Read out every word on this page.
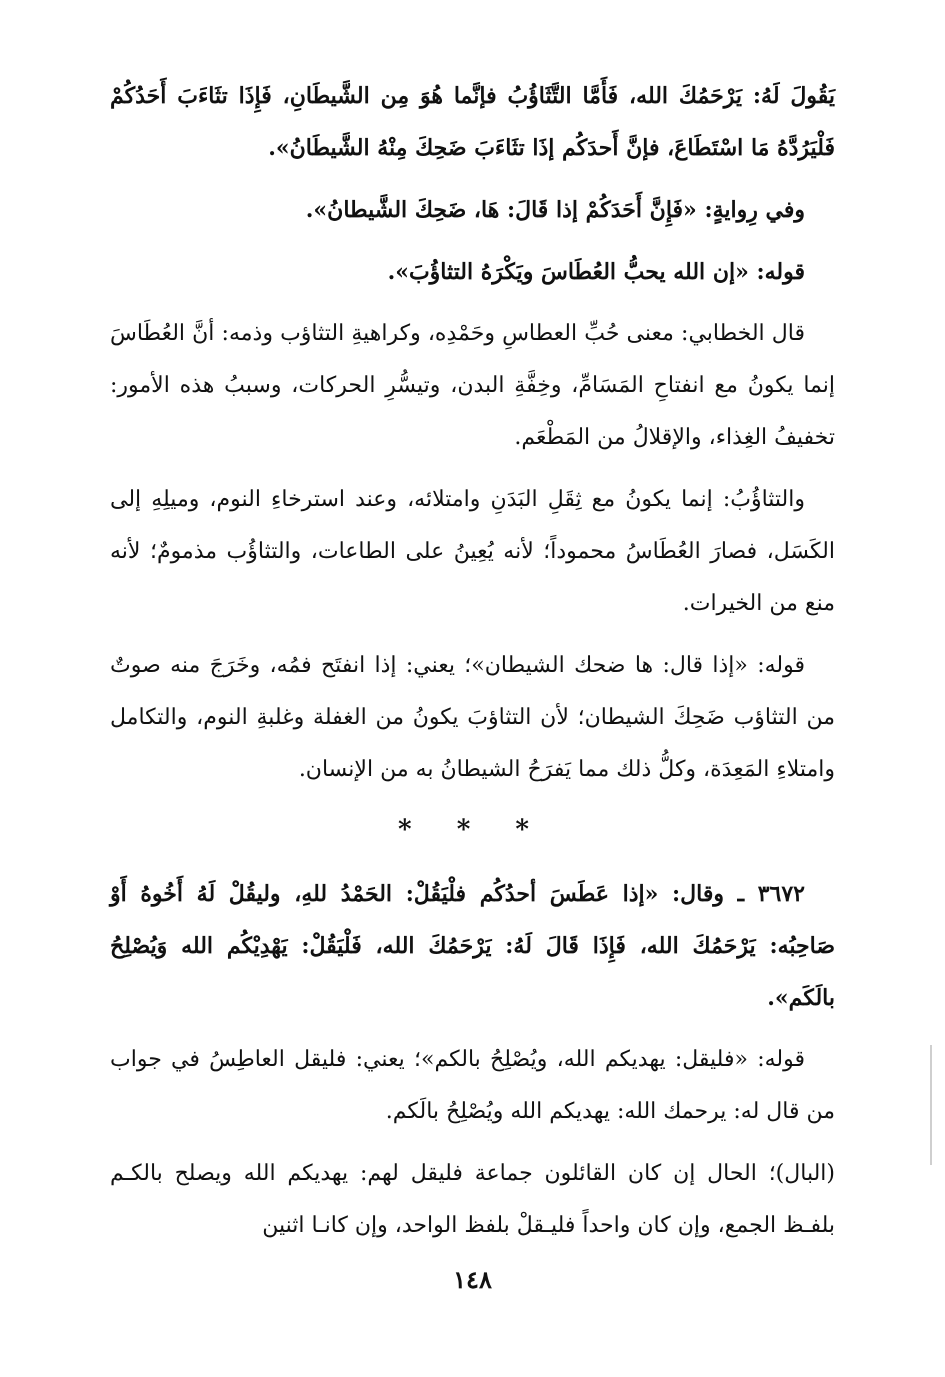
يَقُولَ لَهُ: يَرْحَمُكَ الله، فَأَمَّا التَّثَاؤُبُ فإنَّما هُوَ مِن الشَّيطَانِ، فَإِذَا تثَاءَبَ أَحَدُكُمْ فَلْيَرُدَّهُ مَا اسْتَطَاعَ، فإنَّ أَحدَكُم إذَا تثَاءَبَ ضَحِكَ مِنْهُ الشَّيطَانُ».

وفي رِوايةٍ: «فَإِنَّ أَحَدَكُمْ إذا قَالَ: هَا، ضَحِكَ الشَّيطانُ».

قوله: «إن الله يحبُّ العُطَاسَ ويَكْرَهُ التثاؤُبَ».

قال الخطابي: معنى حُبِّ العطاسِ وحَمْدِه، وكراهيةِ التثاؤب وذمه: أنَّ العُطَاسَ إنما يكونُ مع انفتاحِ المَسَامِّ، وخِفَّةِ البدن، وتيسُّرِ الحركات، وسببُ هذه الأمور: تخفيفُ الغِذاء، والإقلالُ من المَطْعَم.

والتثاؤُبُ: إنما يكونُ مع ثِقَلِ البَدَنِ وامتلائه، وعند استرخاءِ النوم، وميلِهِ إلى الكَسَل، فصارَ العُطَاسُ محموداً؛ لأنه يُعِينُ على الطاعات، والتثاؤُب مذمومٌ؛ لأنه منع من الخيرات.

قوله: «إذا قال: ها ضحك الشيطان»؛ يعني: إذا انفتَح فمُه، وخَرَجَ منه صوتٌ من التثاؤب ضَحِكَ الشيطان؛ لأن التثاؤبَ يكونُ من الغفلة وغلبةِ النوم، والتكامل وامتلاءِ المَعِدَة، وكلُّ ذلك مما يَفرَحُ الشيطانُ به من الإنسان.

* * *

٣٦٧٢ ـ وقال: «إذا عَطَسَ أحدُكُم فلْيَقُلْ: الحَمْدُ للهِ، وليقُلْ لَهُ أَخُوهُ أَوْ صَاحِبُه: يَرْحَمُكَ الله، فَإِذَا قَالَ لَهُ: يَرْحَمُكَ الله، فَلْيَقُلْ: يَهْدِيْكُم الله وَيُصْلِحُ بالَكَم».

قوله: «فليقل: يهديكم الله، ويُصْلِحُ بالكم»؛ يعني: فليقل العاطِسُ في جواب من قال له: يرحمك الله: يهديكم الله ويُصْلِحُ بالَكم.

(البال)؛ الحال إن كان القائلون جماعة فليقل لهم: يهديكم الله ويصلح بالكـم بلفـظ الجمع، وإن كان واحداً فليـقلْ بلفظ الواحد، وإن كانـا اثنين

١٤٨
